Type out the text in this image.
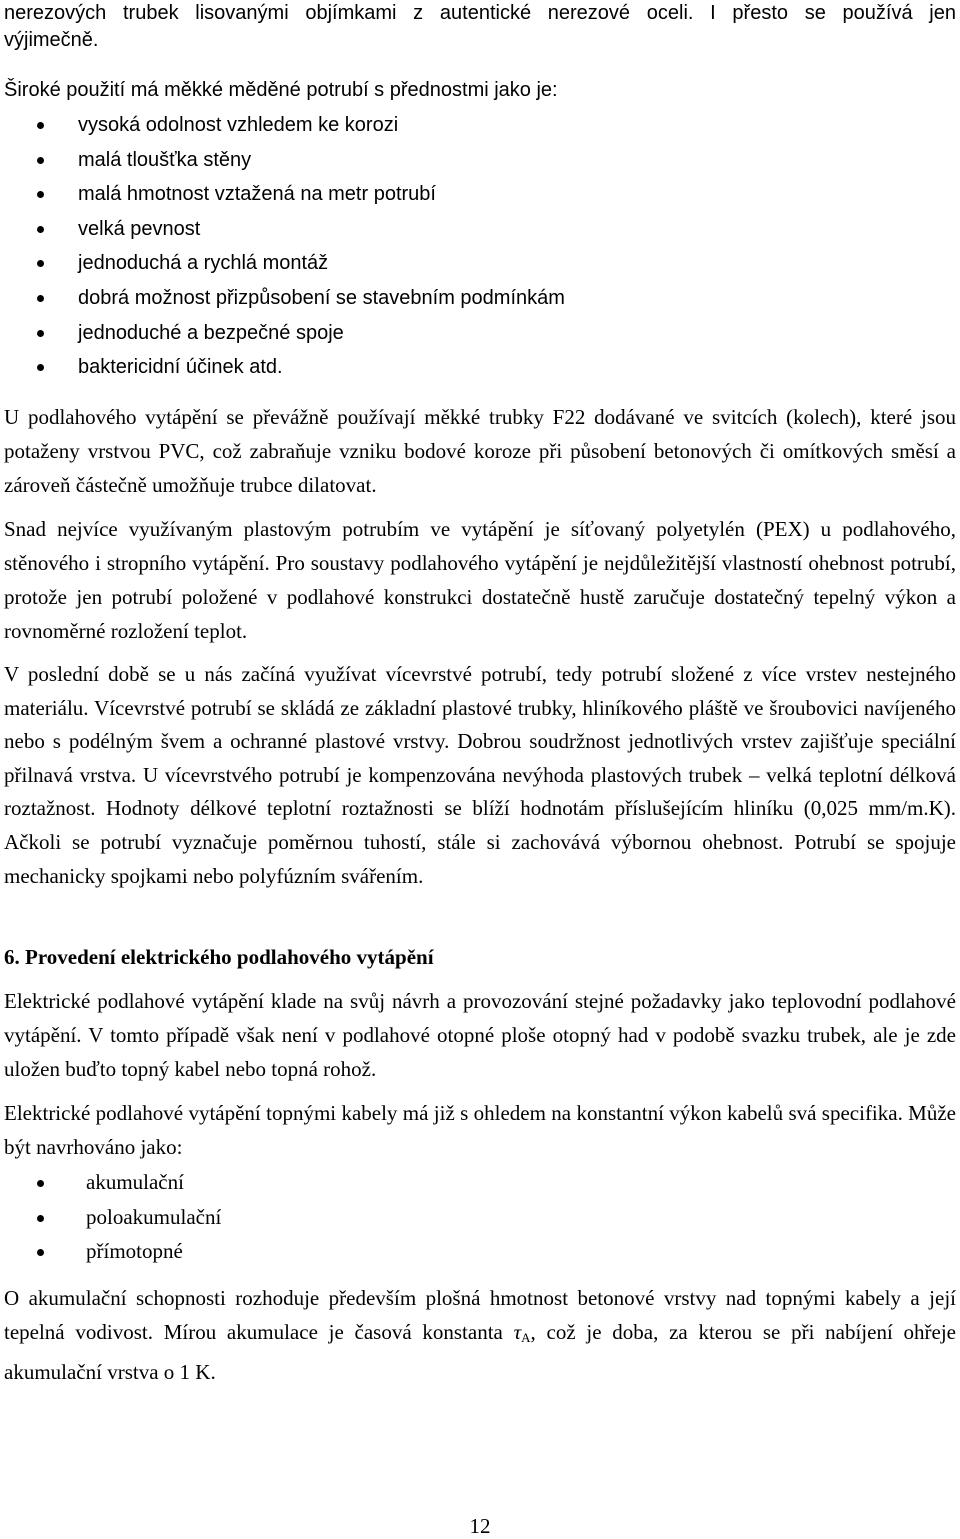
nerezových trubek lisovanými objímkami z autentické nerezové oceli. I přesto se používá jen

výjimečně.

Široké použití má měkké měděné potrubí s přednostmi jako je:

vysoká odolnost vzhledem ke korozi
malá tloušťka stěny
malá hmotnost vztažená na metr potrubí
velká pevnost
jednoduchá a rychlá montáž
dobrá možnost přizpůsobení se stavebním podmínkám
jednoduché a bezpečné spoje
baktericidní účinek atd.

U podlahového vytápění se převážně používají měkké trubky F22 dodávané ve svitcích (kolech), které jsou potaženy vrstvou PVC, což zabraňuje vzniku bodové koroze při působení betonových či omítkových směsí a zároveň částečně umožňuje trubce dilatovat.

Snad nejvíce využívaným plastovým potrubím ve vytápění je síťovaný polyetylén (PEX) u podlahového, stěnového i stropního vytápění. Pro soustavy podlahového vytápění je nejdůležitější vlastností ohebnost potrubí, protože jen potrubí položené v podlahové konstrukci dostatečně hustě zaručuje dostatečný tepelný výkon a rovnoměrné rozložení teplot.

V poslední době se u nás začíná využívat vícevrstvé potrubí, tedy potrubí složené z více vrstev nestejného materiálu. Vícevrstvé potrubí se skládá ze základní plastové trubky, hliníkového pláště ve šroubovici navíjeného nebo s podélným švem a ochranné plastové vrstvy. Dobrou soudržnost jednotlivých vrstev zajišťuje speciální přilnavá vrstva. U vícevrstvého potrubí je kompenzována nevýhoda plastových trubek – velká teplotní délková roztažnost. Hodnoty délkové teplotní roztažnosti se blíží hodnotám příslušejícím hliníku (0,025 mm/m.K). Ačkoli se potrubí vyznačuje poměrnou tuhostí, stále si zachovává výbornou ohebnost. Potrubí se spojuje mechanicky spojkami nebo polyfúzním svářením.

6. Provedení elektrického podlahového vytápění

Elektrické podlahové vytápění klade na svůj návrh a provozování stejné požadavky jako teplovodní podlahové vytápění. V tomto případě však není v podlahové otopné ploše otopný had v podobě svazku trubek, ale je zde uložen buďto topný kabel nebo topná rohož.

Elektrické podlahové vytápění topnými kabely má již s ohledem na konstantní výkon kabelů svá specifika. Může být navrhováno jako:

akumulační
poloakumulační
přímotopné

O akumulační schopnosti rozhoduje především plošná hmotnost betonové vrstvy nad topnými kabely a její tepelná vodivost. Mírou akumulace je časová konstanta $\tau_A$, což je doba, za kterou se při nabíjení ohřeje akumulační vrstva o 1 K.

12
